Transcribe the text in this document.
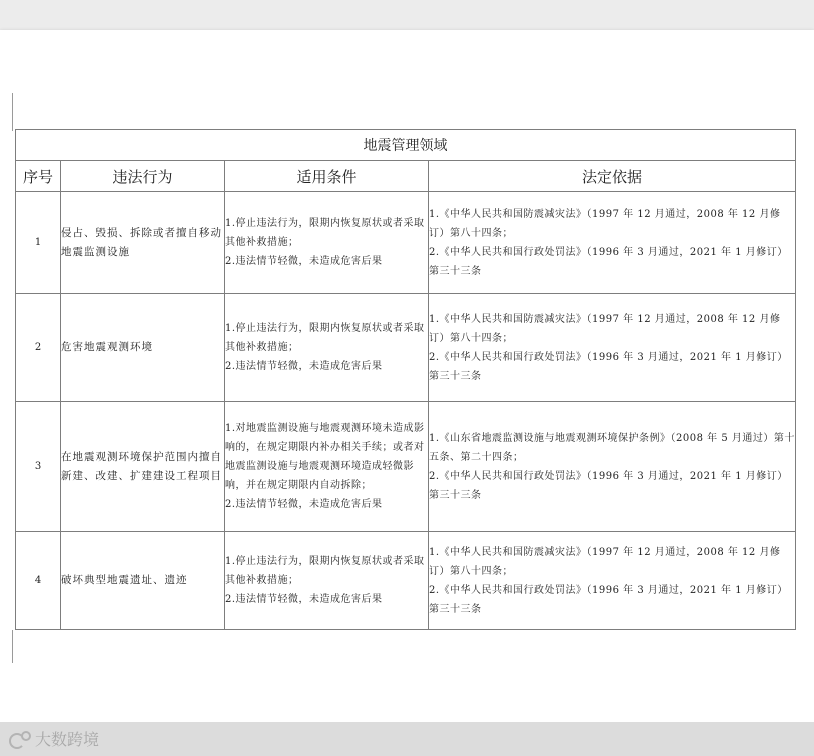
地震管理领域			
序号	违法行为	适用条件	法定依据
1	侵占、毁损、拆除或者擅自移动地震监测设施	1.停止违法行为，限期内恢复原状或者采取其他补救措施；
2.违法情节轻微，未造成危害后果	1.《中华人民共和国防震减灾法》（1997 年 12 月通过，2008 年 12 月修订）第八十四条；
2.《中华人民共和国行政处罚法》（1996 年 3 月通过，2021 年 1 月修订）第三十三条

2	危害地震观测环境	1.停止违法行为，限期内恢复原状或者采取其他补救措施；
2.违法情节轻微，未造成危害后果	1.《中华人民共和国防震减灾法》（1997 年 12 月通过，2008 年 12 月修订）第八十四条；
2.《中华人民共和国行政处罚法》（1996 年 3 月通过，2021 年 1 月修订）第三十三条

3	在地震观测环境保护范围内擅自新建、改建、扩建建设工程项目	1.对地震监测设施与地震观测环境未造成影响的，在规定期限内补办相关手续；或者对地震监测设施与地震观测环境造成轻微影响，并在规定期限内自动拆除；
2.违法情节轻微，未造成危害后果	1.《山东省地震监测设施与地震观测环境保护条例》（2008 年 5 月通过）第十五条、第二十四条；
2.《中华人民共和国行政处罚法》（1996 年 3 月通过，2021 年 1 月修订）第三十三条

4	破坏典型地震遗址、遗迹	1.停止违法行为，限期内恢复原状或者采取其他补救措施；
2.违法情节轻微，未造成危害后果	1.《中华人民共和国防震减灾法》（1997 年 12 月通过，2008 年 12 月修订）第八十四条；
2.《中华人民共和国行政处罚法》（1996 年 3 月通过，2021 年 1 月修订）第三十三条
大数跨境
